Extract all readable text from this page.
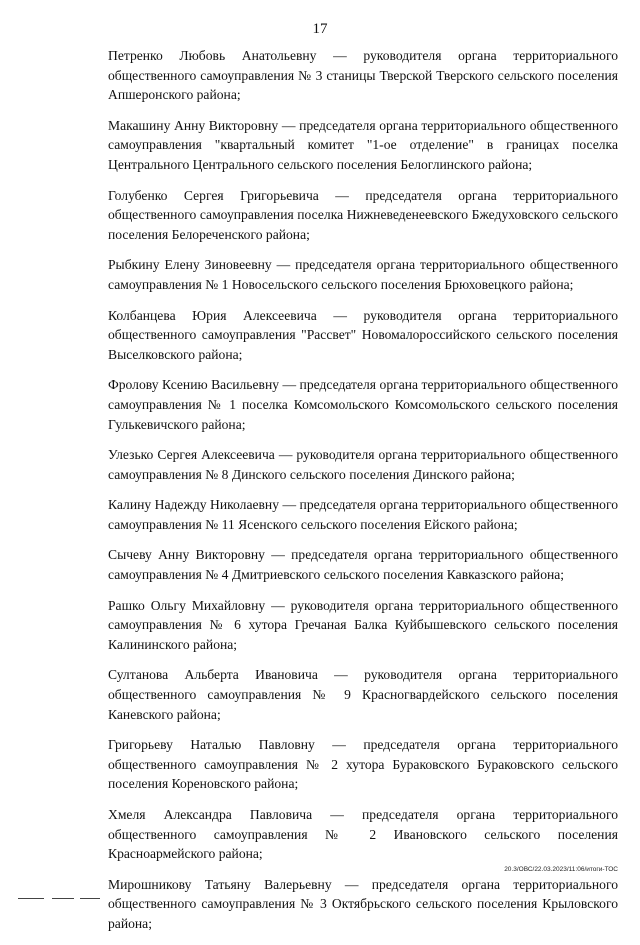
17

Петренко Любовь Анатольевну — руководителя органа территориального общественного самоуправления № 3 станицы Тверской Тверского сельского поселения Апшеронского района;

Макашину Анну Викторовну — председателя органа территориального общественного самоуправления "квартальный комитет "1-ое отделение" в границах поселка Центрального Центрального сельского поселения Белоглинского района;

Голубенко Сергея Григорьевича — председателя органа территориального общественного самоуправления поселка Нижневеденеевского Бжедуховского сельского поселения Белореченского района;

Рыбкину Елену Зиновеевну — председателя органа территориального общественного самоуправления № 1 Новосельского сельского поселения Брюховецкого района;

Колбанцева Юрия Алексеевича — руководителя органа территориального общественного самоуправления "Рассвет" Новомалороссийского сельского поселения Выселковского района;

Фролову Ксению Васильевну — председателя органа территориального общественного самоуправления № 1 поселка Комсомольского Комсомольского сельского поселения Гулькевичского района;

Улезько Сергея Алексеевича — руководителя органа территориального общественного самоуправления № 8 Динского сельского поселения Динского района;

Калину Надежду Николаевну — председателя органа территориального общественного самоуправления № 11 Ясенского сельского поселения Ейского района;

Сычеву Анну Викторовну — председателя органа территориального общественного самоуправления № 4 Дмитриевского сельского поселения Кавказского района;

Рашко Ольгу Михайловну — руководителя органа территориального общественного самоуправления № 6 хутора Гречаная Балка Куйбышевского сельского поселения Калининского района;

Султанова Альберта Ивановича — руководителя органа территориального общественного самоуправления № 9 Красногвардейского сельского поселения Каневского района;

Григорьеву Наталью Павловну — председателя органа территориального общественного самоуправления № 2 хутора Бураковского Бураковского сельского поселения Кореновского района;

Хмеля Александра Павловича — председателя органа территориального общественного самоуправления № 2 Ивановского сельского поселения Красноармейского района;

Мирошникову Татьяну Валерьевну — председателя органа территориального общественного самоуправления № 3 Октябрьского сельского поселения Крыловского района;

20.3/ОВС/22.03.2023/11:06/итоги-ТОС
